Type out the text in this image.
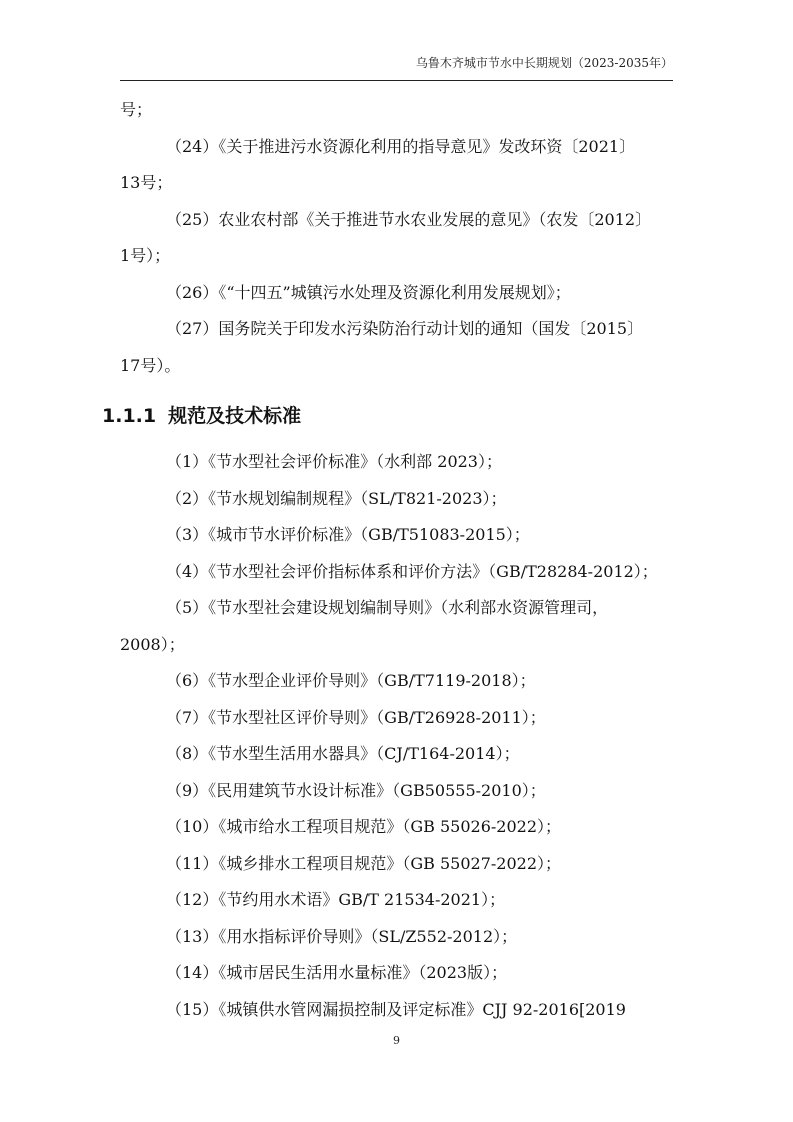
乌鲁木齐城市节水中长期规划（2023-2035年）

号；

（24）《关于推进污水资源化利用的指导意见》发改环资〔2021〕

13号；

（25）农业农村部《关于推进节水农业发展的意见》（农发〔2012〕

1号）；

（26）《“十四五”城镇污水处理及资源化利用发展规划》；

（27）国务院关于印发水污染防治行动计划的通知（国发〔2015〕

17号）。

1.1.1 规范及技术标准

（1）《节水型社会评价标准》（水利部 2023）；

（2）《节水规划编制规程》（SL/T821-2023）；

（3）《城市节水评价标准》（GB/T51083-2015）；

（4）《节水型社会评价指标体系和评价方法》（GB/T28284-2012）；

（5）《节水型社会建设规划编制导则》（水利部水资源管理司，

2008）；

（6）《节水型企业评价导则》（GB/T7119-2018）；

（7）《节水型社区评价导则》（GB/T26928-2011）；

（8）《节水型生活用水器具》（CJ/T164-2014）；

（9）《民用建筑节水设计标准》（GB50555-2010）；

（10）《城市给水工程项目规范》（GB 55026-2022）；

（11）《城乡排水工程项目规范》（GB 55027-2022）；

（12）《节约用水术语》GB/T 21534-2021）；

（13）《用水指标评价导则》（SL/Z552-2012）；

（14）《城市居民生活用水量标准》（2023版）；

（15）《城镇供水管网漏损控制及评定标准》CJJ 92-2016[2019

9
